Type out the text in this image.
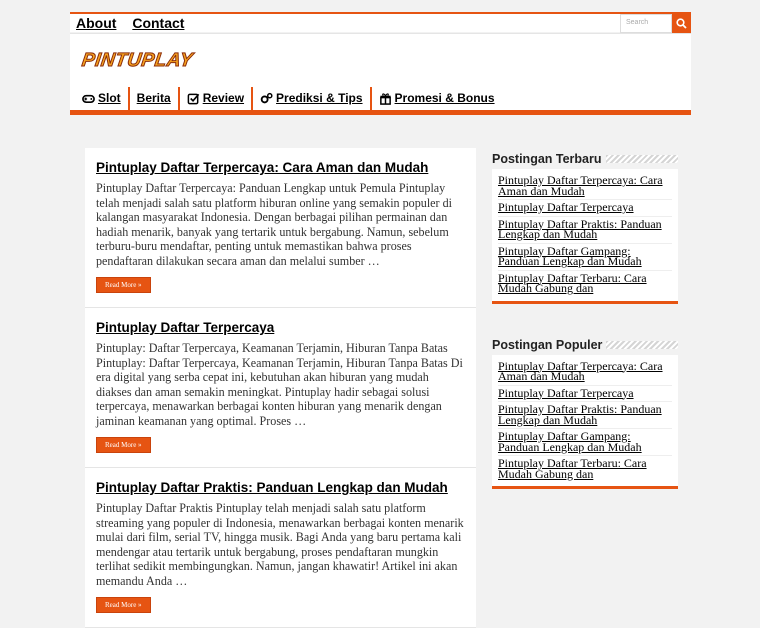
About Contact	Search
PINTUPLAY
Slot Berita	Review	Prediksi & Tips	Promesi & Bonus
Pintuplay Daftar Terpercaya: Cara Aman dan Mudah

Pintuplay Daftar Terpercaya: Panduan Lengkap untuk Pemula Pintuplay telah menjadi salah satu platform hiburan online yang semakin populer di kalangan masyarakat Indonesia. Dengan berbagai pilihan permainan dan hadiah menarik, banyak yang tertarik untuk bergabung. Namun, sebelum terburu-buru mendaftar, penting untuk memastikan bahwa proses pendaftaran dilakukan secara aman dan melalui sumber …

Read More »
Pintuplay Daftar Terpercaya

Pintuplay: Daftar Terpercaya, Keamanan Terjamin, Hiburan Tanpa Batas Pintuplay: Daftar Terpercaya, Keamanan Terjamin, Hiburan Tanpa Batas Di era digital yang serba cepat ini, kebutuhan akan hiburan yang mudah diakses dan aman semakin meningkat. Pintuplay hadir sebagai solusi terpercaya, menawarkan berbagai konten hiburan yang menarik dengan jaminan keamanan yang optimal. Proses …

Read More »
Pintuplay Daftar Praktis: Panduan Lengkap dan Mudah

Pintuplay Daftar Praktis Pintuplay telah menjadi salah satu platform streaming yang populer di Indonesia, menawarkan berbagai konten menarik mulai dari film, serial TV, hingga musik. Bagi Anda yang baru pertama kali mendengar atau tertarik untuk bergabung, proses pendaftaran mungkin terlihat sedikit membingungkan. Namun, jangan khawatir! Artikel ini akan memandu Anda …

Read More »
Postingan Terbaru
Pintuplay Daftar Terpercaya: Cara Aman dan Mudah
Pintuplay Daftar Terpercaya
Pintuplay Daftar Praktis: Panduan Lengkap dan Mudah
Pintuplay Daftar Gampang: Panduan Lengkap dan Mudah
Pintuplay Daftar Terbaru: Cara Mudah Gabung dan
Postingan Populer
Pintuplay Daftar Terpercaya: Cara Aman dan Mudah
Pintuplay Daftar Terpercaya
Pintuplay Daftar Praktis: Panduan Lengkap dan Mudah
Pintuplay Daftar Gampang: Panduan Lengkap dan Mudah
Pintuplay Daftar Terbaru: Cara Mudah Gabung dan
